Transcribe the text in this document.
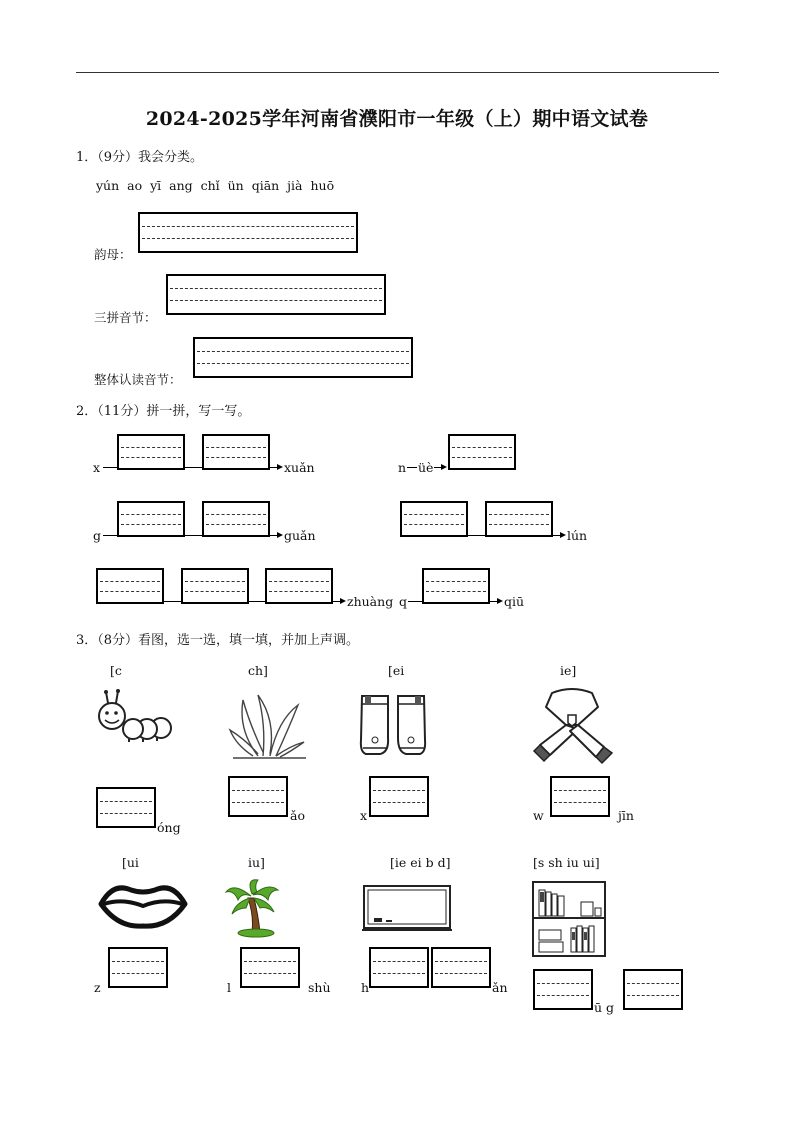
2024-2025学年河南省濮阳市一年级（上）期中语文试卷
1．（9分）我会分类。
yún ao yī ang chǐ ün qiān jià huō
韵母：
三拼音节：
整体认读音节：
2．（11分）拼一拼，写一写。
x	xuǎn	n üè
g	guǎn	lún
zhuàng q	qiū
3．（8分）看图，选一选，填一填，并加上声调。
[c	ch]	[ei	ie]
óng
ǎo	x	w	jīn
[ui	iu]	[ie ei b d]	[s sh iu ui]
z	l	shù h	ǎn
ū g
